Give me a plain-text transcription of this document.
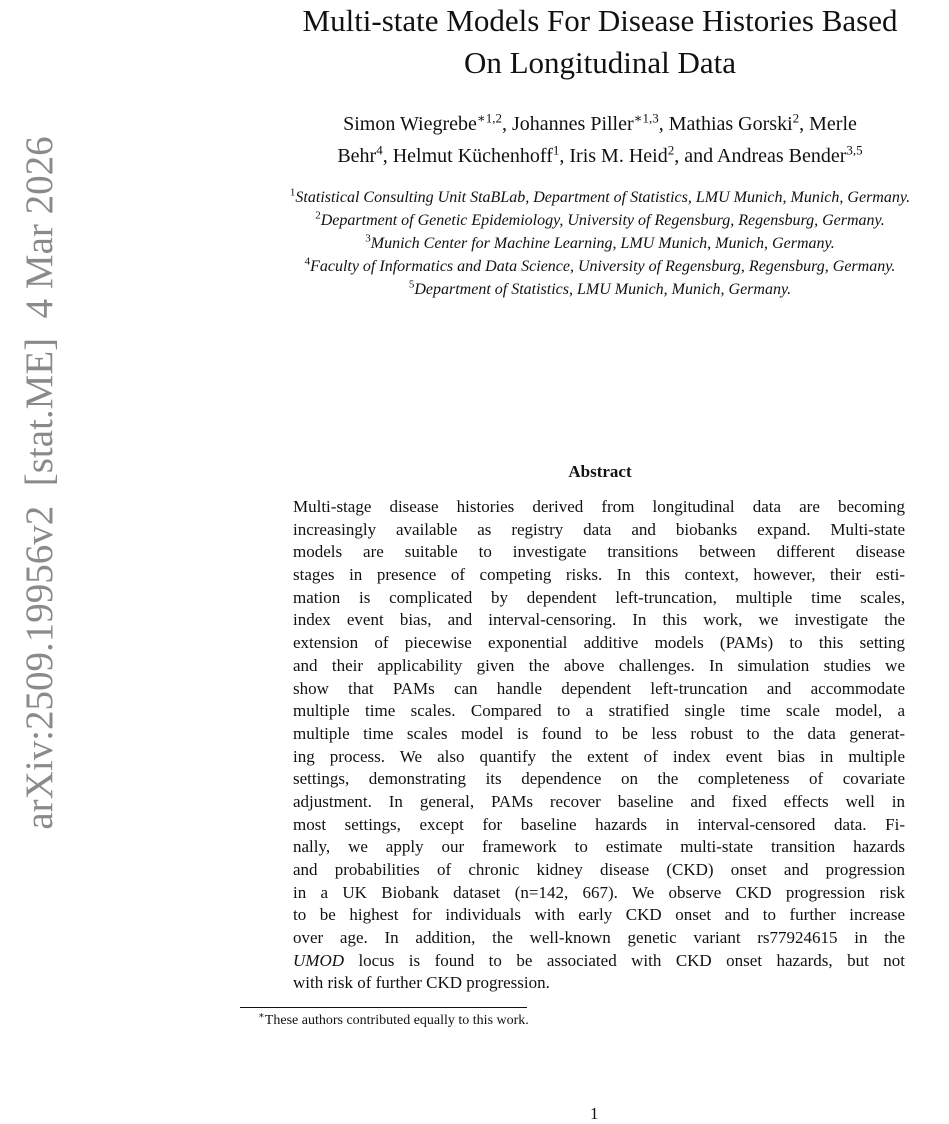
arXiv:2509.19956v2  [stat.ME]  4 Mar 2026
Multi-state Models For Disease Histories Based
On Longitudinal Data
Simon Wiegrebe$^{∗1,2}$, Johannes Piller$^{∗1,3}$, Mathias Gorski$^2$, Merle
Behr$^4$, Helmut Küchenhoff$^1$, Iris M. Heid$^2$, and Andreas Bender$^{3,5}$
$^1$Statistical Consulting Unit StaBLab, Department of Statistics, LMU Munich, Munich, Germany.
$^2$Department of Genetic Epidemiology, University of Regensburg, Regensburg, Germany.
$^3$Munich Center for Machine Learning, LMU Munich, Munich, Germany.
$^4$Faculty of Informatics and Data Science, University of Regensburg, Regensburg, Germany.
$^5$Department of Statistics, LMU Munich, Munich, Germany.
Abstract
Multi-stage disease histories derived from longitudinal data are becoming
increasingly available as registry data and biobanks expand. Multi-state
models are suitable to investigate transitions between different disease
stages in presence of competing risks. In this context, however, their esti-
mation is complicated by dependent left-truncation, multiple time scales,
index event bias, and interval-censoring. In this work, we investigate the
extension of piecewise exponential additive models (PAMs) to this setting
and their applicability given the above challenges. In simulation studies we
show that PAMs can handle dependent left-truncation and accommodate
multiple time scales. Compared to a stratified single time scale model, a
multiple time scales model is found to be less robust to the data generat-
ing process. We also quantify the extent of index event bias in multiple
settings, demonstrating its dependence on the completeness of covariate
adjustment. In general, PAMs recover baseline and fixed effects well in
most settings, except for baseline hazards in interval-censored data. Fi-
nally, we apply our framework to estimate multi-state transition hazards
and probabilities of chronic kidney disease (CKD) onset and progression
in a UK Biobank dataset (n=142, 667). We observe CKD progression risk
to be highest for individuals with early CKD onset and to further increase
over age. In addition, the well-known genetic variant rs77924615 in the
UMOD locus is found to be associated with CKD onset hazards, but not
with risk of further CKD progression.
∗These authors contributed equally to this work.
1
